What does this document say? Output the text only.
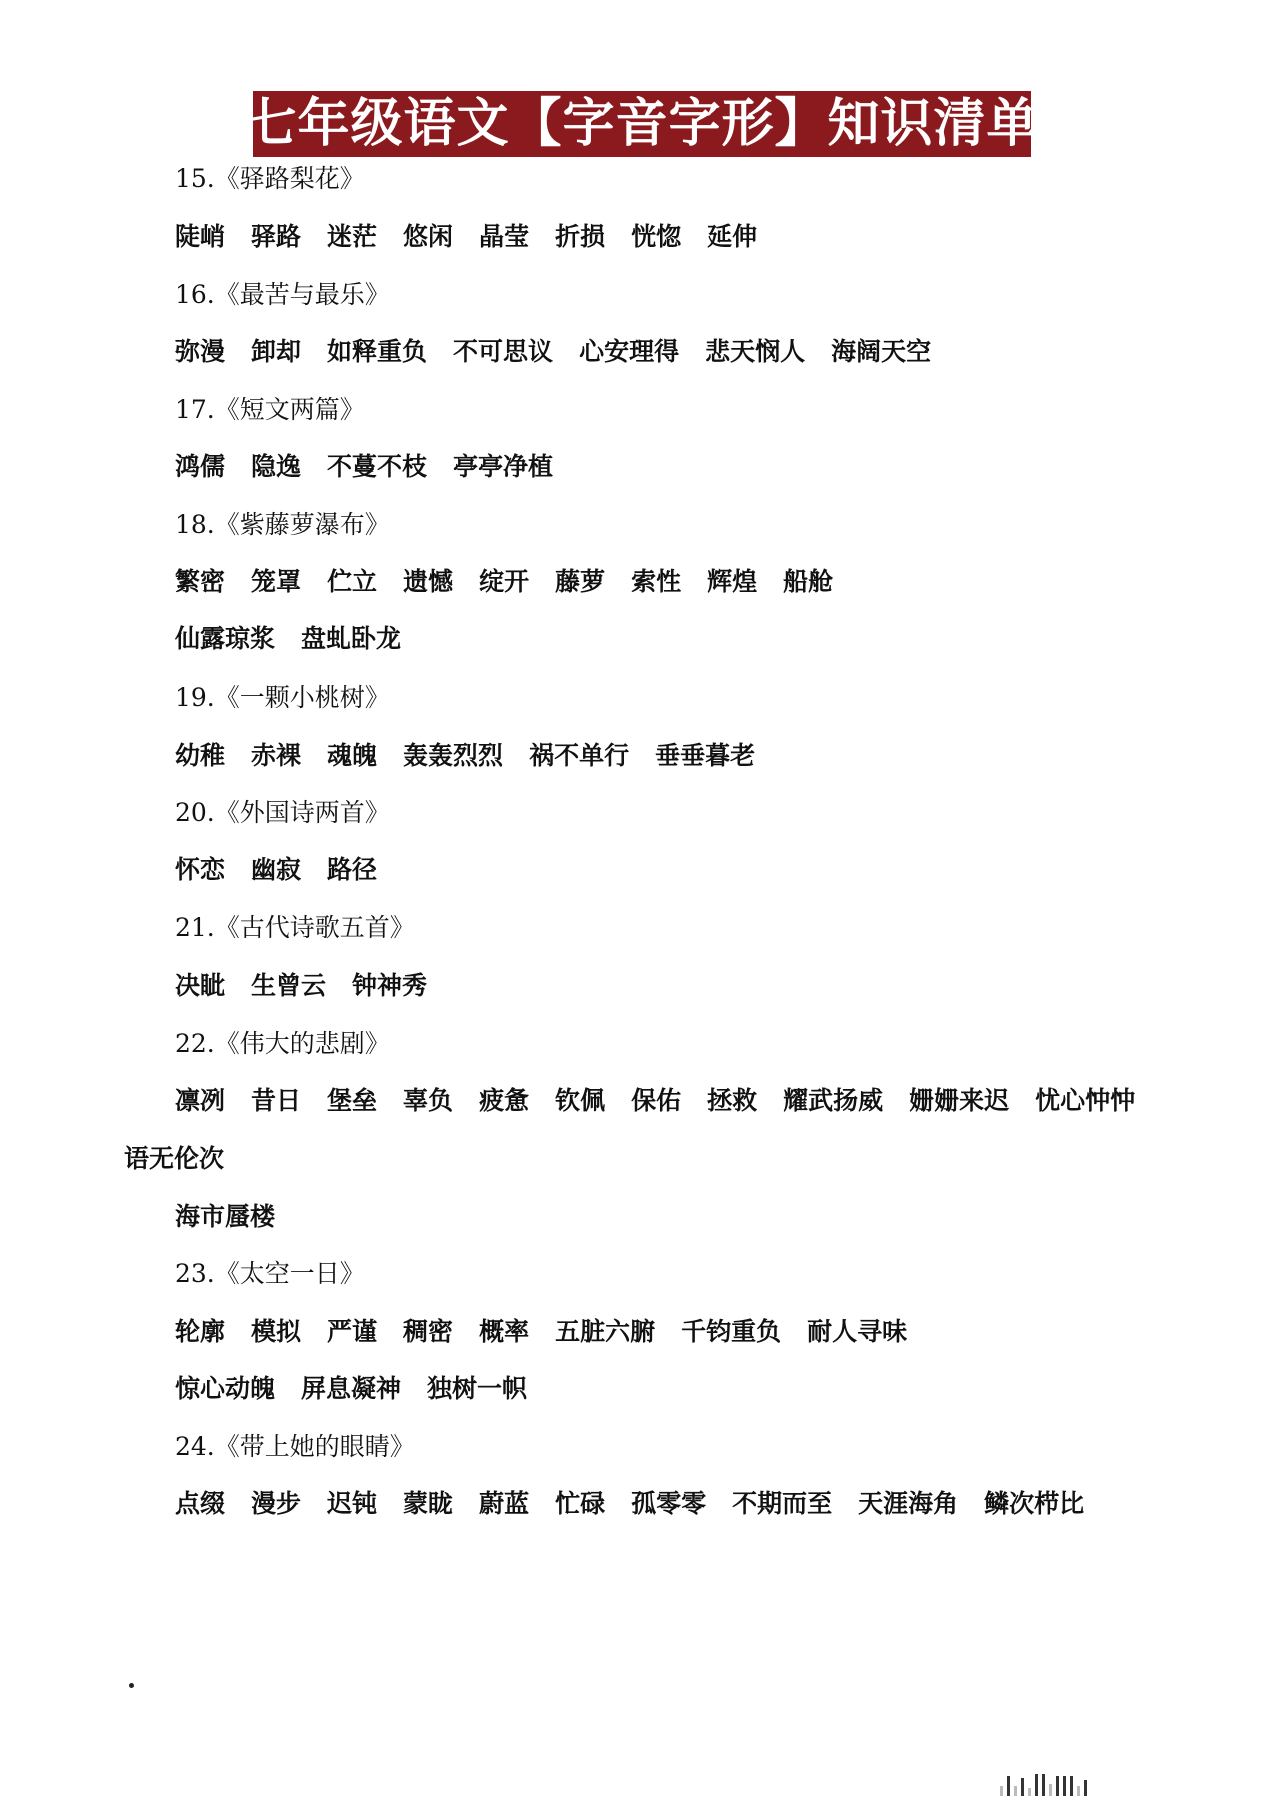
七年级语文【字音字形】知识清单
15.《驿路梨花》
陡峭 驿路 迷茫 悠闲 晶莹 折损 恍惚 延伸
16.《最苦与最乐》
弥漫 卸却 如释重负 不可思议 心安理得 悲天悯人 海阔天空
17.《短文两篇》
鸿儒 隐逸 不蔓不枝 亭亭净植
18.《紫藤萝瀑布》
繁密 笼罩 伫立 遗憾 绽开 藤萝 索性 辉煌 船舱
仙露琼浆 盘虬卧龙
19.《一颗小桃树》
幼稚 赤裸 魂魄 轰轰烈烈 祸不单行 垂垂暮老
20.《外国诗两首》
怀恋 幽寂 路径
21.《古代诗歌五首》
决眦 生曾云 钟神秀
22.《伟大的悲剧》
凛冽 昔日 堡垒 辜负 疲惫 钦佩 保佑 拯救 耀武扬威 姗姗来迟 忧心忡忡
语无伦次
海市蜃楼
23.《太空一日》
轮廓 模拟 严谨 稠密 概率 五脏六腑 千钧重负 耐人寻味
惊心动魄 屏息凝神 独树一帜
24.《带上她的眼睛》
点缀 漫步 迟钝 蒙眬 蔚蓝 忙碌 孤零零 不期而至 天涯海角 鳞次栉比
